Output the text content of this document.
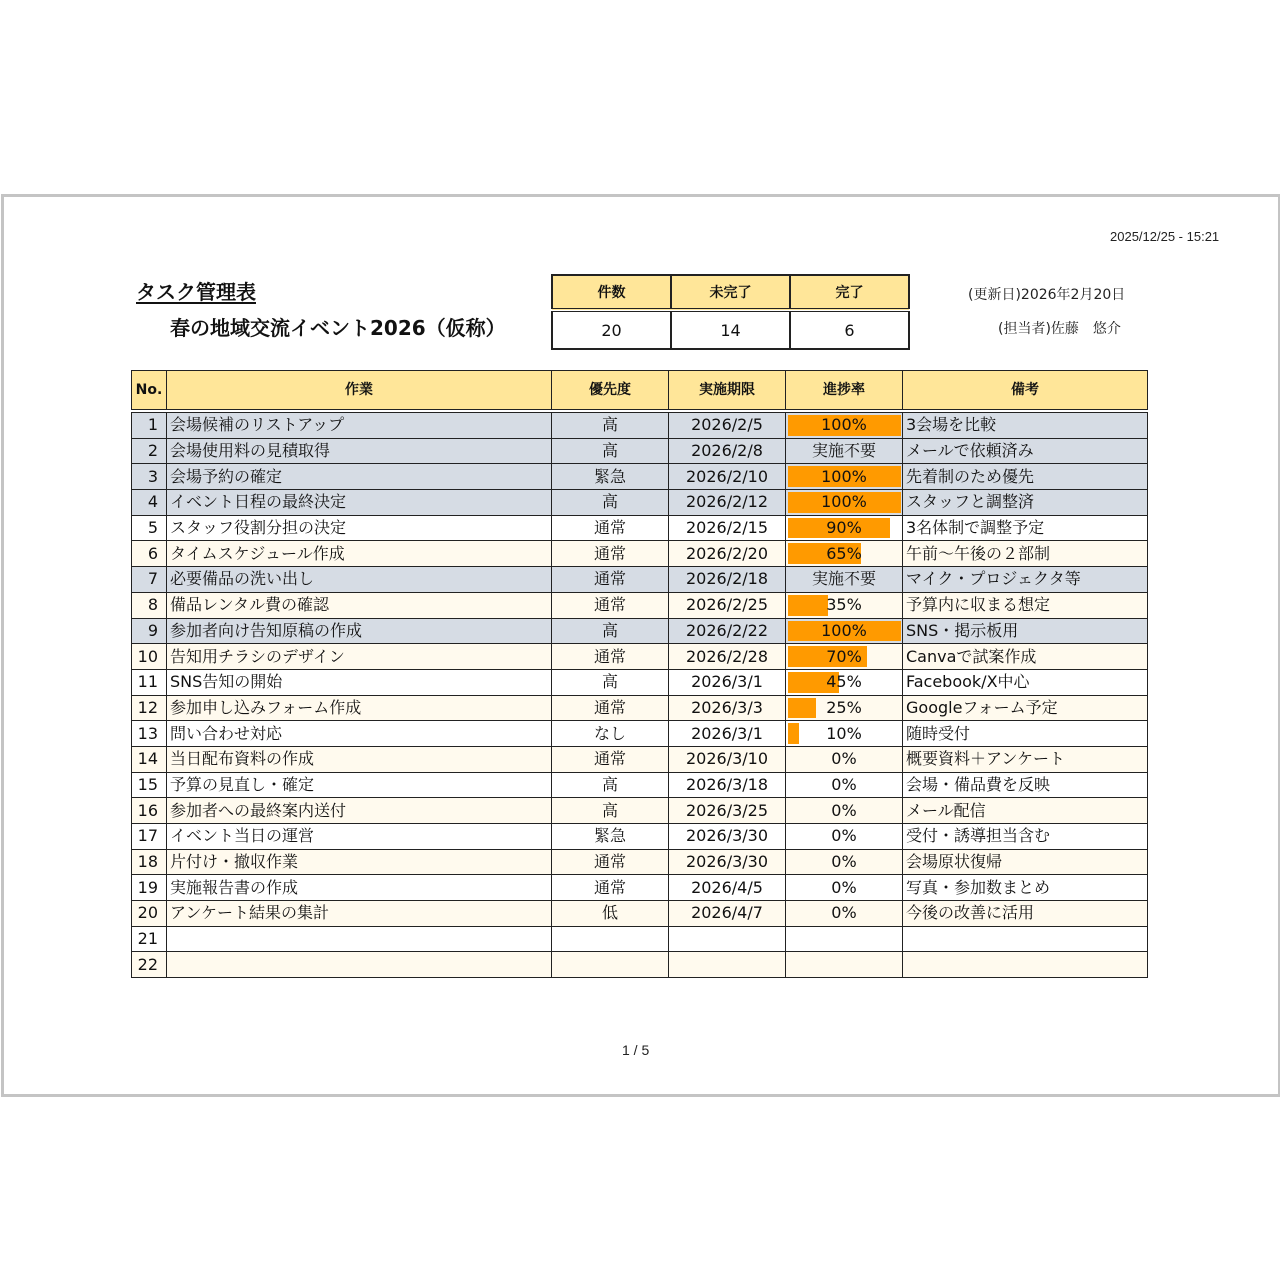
2025/12/25 - 15:21
タスク管理表
春の地域交流イベント2026（仮称）
件数	未完了	完了
20	14	6
(更新日)2026年2月20日
(担当者)佐藤　悠介
No.	作業	優先度	実施期限	進捗率	備考
1	会場候補のリストアップ	高	2026/2/5	100%	3会場を比較
2	会場使用料の見積取得	高	2026/2/8	実施不要	メールで依頼済み
3	会場予約の確定	緊急	2026/2/10	100%	先着制のため優先
4	イベント日程の最終決定	高	2026/2/12	100%	スタッフと調整済
5	スタッフ役割分担の決定	通常	2026/2/15	90%	3名体制で調整予定
6	タイムスケジュール作成	通常	2026/2/20	65%	午前～午後の２部制
7	必要備品の洗い出し	通常	2026/2/18	実施不要	マイク・プロジェクタ等
8	備品レンタル費の確認	通常	2026/2/25	35%	予算内に収まる想定
9	参加者向け告知原稿の作成	高	2026/2/22	100%	SNS・掲示板用
10	告知用チラシのデザイン	通常	2026/2/28	70%	Canvaで試案作成
11	SNS告知の開始	高	2026/3/1	45%	Facebook/X中心
12	参加申し込みフォーム作成	通常	2026/3/3	25%	Googleフォーム予定
13	問い合わせ対応	なし	2026/3/1	10%	随時受付
14	当日配布資料の作成	通常	2026/3/10	0%	概要資料＋アンケート
15	予算の見直し・確定	高	2026/3/18	0%	会場・備品費を反映
16	参加者への最終案内送付	高	2026/3/25	0%	メール配信
17	イベント当日の運営	緊急	2026/3/30	0%	受付・誘導担当含む
18	片付け・撤収作業	通常	2026/3/30	0%	会場原状復帰
19	実施報告書の作成	通常	2026/4/5	0%	写真・参加数まとめ
20	アンケート結果の集計	低	2026/4/7	0%	今後の改善に活用
21					
22					
1 / 5
